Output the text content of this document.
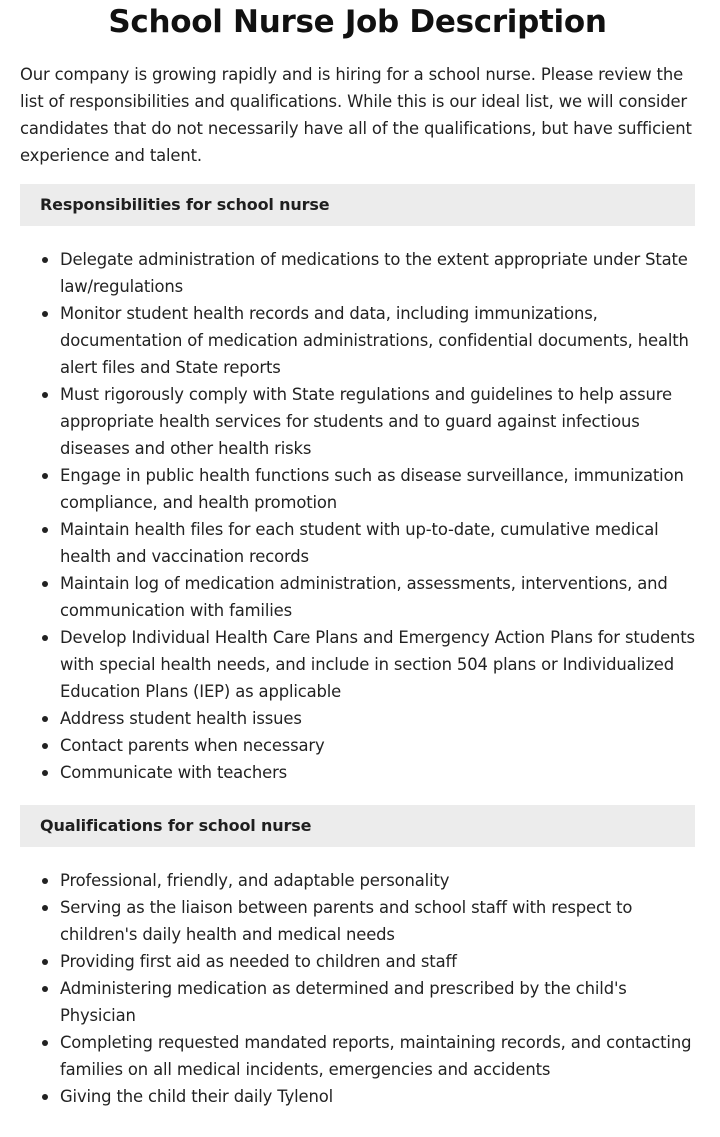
School Nurse Job Description

Our company is growing rapidly and is hiring for a school nurse. Please review the list of responsibilities and qualifications. While this is our ideal list, we will consider candidates that do not necessarily have all of the qualifications, but have sufficient experience and talent.

Responsibilities for school nurse
Delegate administration of medications to the extent appropriate under State law/regulations
Monitor student health records and data, including immunizations, documentation of medication administrations, confidential documents, health alert files and State reports
Must rigorously comply with State regulations and guidelines to help assure appropriate health services for students and to guard against infectious diseases and other health risks
Engage in public health functions such as disease surveillance, immunization compliance, and health promotion
Maintain health files for each student with up-to-date, cumulative medical health and vaccination records
Maintain log of medication administration, assessments, interventions, and communication with families
Develop Individual Health Care Plans and Emergency Action Plans for students with special health needs, and include in section 504 plans or Individualized Education Plans (IEP) as applicable
Address student health issues
Contact parents when necessary
Communicate with teachers
Qualifications for school nurse
Professional, friendly, and adaptable personality
Serving as the liaison between parents and school staff with respect to children's daily health and medical needs
Providing first aid as needed to children and staff
Administering medication as determined and prescribed by the child's Physician
Completing requested mandated reports, maintaining records, and contacting families on all medical incidents, emergencies and accidents
Giving the child their daily Tylenol
